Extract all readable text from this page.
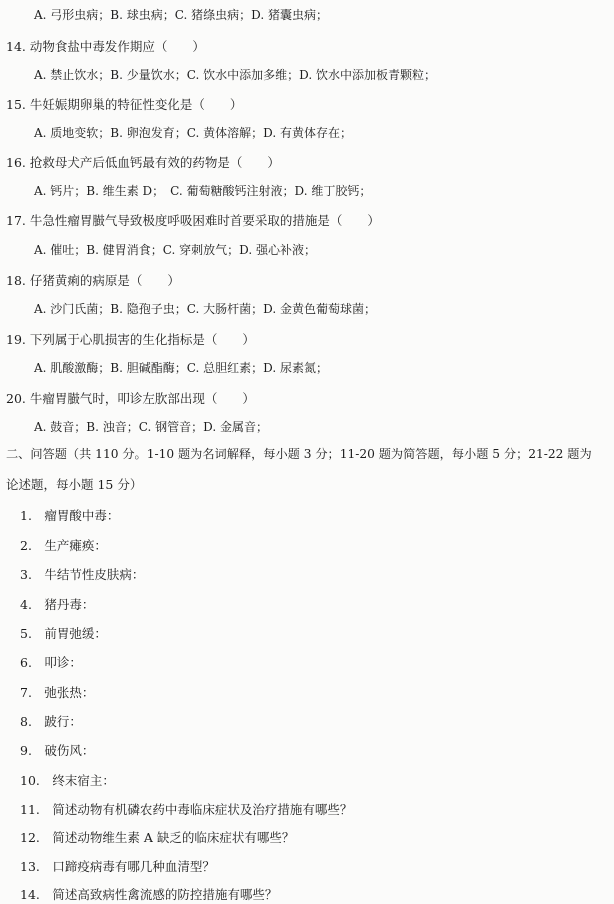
A. 弓形虫病；B. 球虫病；C. 猪绦虫病；D. 猪囊虫病；
14. 动物食盐中毒发作期应（　　）
A. 禁止饮水；B. 少量饮水；C. 饮水中添加多维；D. 饮水中添加板青颗粒；
15. 牛妊娠期卵巢的特征性变化是（　　）
A. 质地变软；B. 卵泡发育；C. 黄体溶解；D. 有黄体存在；
16. 抢救母犬产后低血钙最有效的药物是（　　）
A. 钙片；B. 维生素 D；　C. 葡萄糖酸钙注射液；D. 维丁胶钙；
17. 牛急性瘤胃臌气导致极度呼吸困难时首要采取的措施是（　　）
A. 催吐；B. 健胃消食；C. 穿刺放气；D. 强心补液；
18. 仔猪黄痢的病原是（　　）
A. 沙门氏菌；B. 隐孢子虫；C. 大肠杆菌；D. 金黄色葡萄球菌；
19. 下列属于心肌损害的生化指标是（　　）
A. 肌酸激酶；B. 胆碱酯酶；C. 总胆红素；D. 尿素氮；
20. 牛瘤胃臌气时，叩诊左肷部出现（　　）
A. 鼓音；B. 浊音；C. 钢管音；D. 金属音；
二、问答题（共 110 分。1-10 题为名词解释，每小题 3 分；11-20 题为简答题，每小题 5 分；21-22 题为
论述题，每小题 15 分）
1.　瘤胃酸中毒：
2.　生产瘫痪：
3.　牛结节性皮肤病：
4.　猪丹毒：
5.　前胃弛缓：
6.　叩诊：
7.　弛张热：
8.　跛行：
9.　破伤风：
10.　终末宿主：
11.　简述动物有机磷农药中毒临床症状及治疗措施有哪些？
12.　简述动物维生素 A 缺乏的临床症状有哪些？
13.　口蹄疫病毒有哪几种血清型？
14.　简述高致病性禽流感的防控措施有哪些？
